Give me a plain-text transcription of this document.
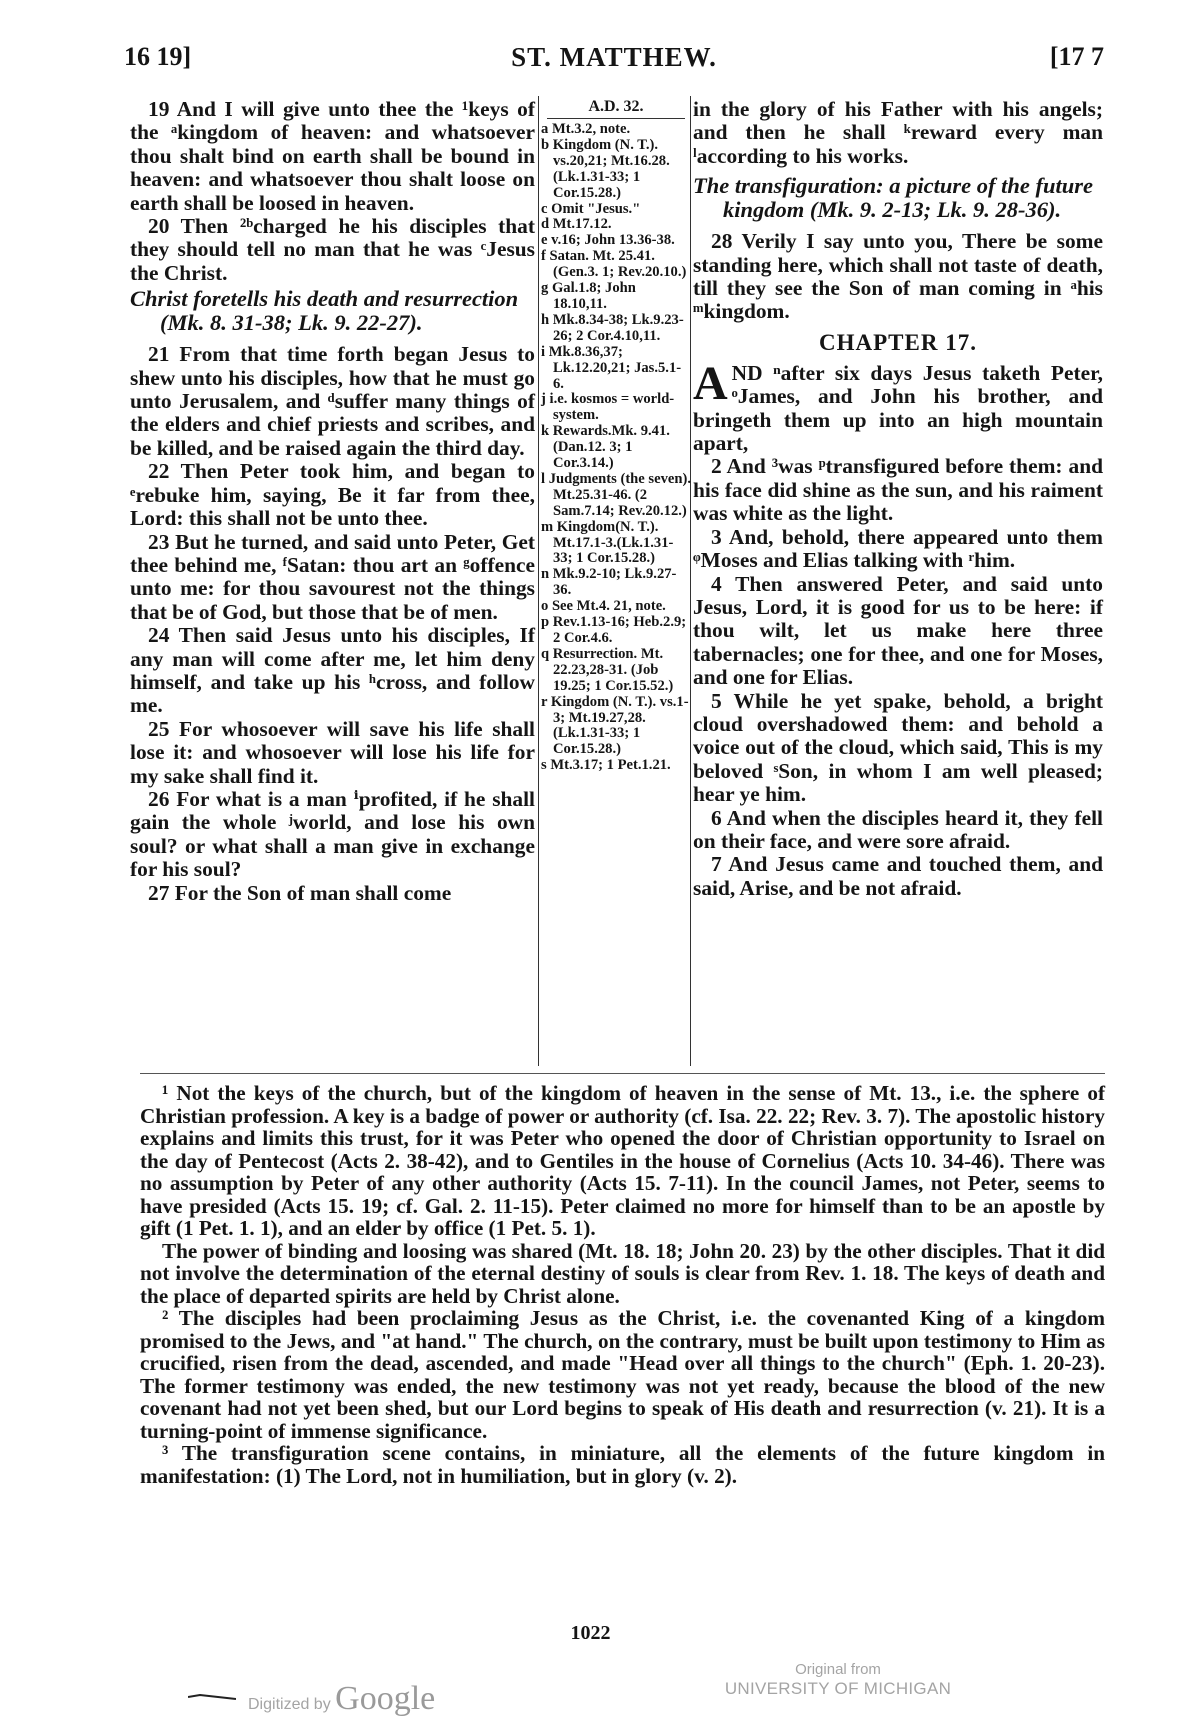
16 19]	ST. MATTHEW.	[17 7

19 And I will give unto thee the ¹keys of the ᵃkingdom of heaven: and whatsoever thou shalt bind on earth shall be bound in heaven: and whatsoever thou shalt loose on earth shall be loosed in heaven.

20 Then ²ᵇcharged he his disciples that they should tell no man that he was ᶜJesus the Christ.

Christ foretells his death and resurrection (Mk. 8. 31-38; Lk. 9. 22-27).

21 From that time forth began Jesus to shew unto his disciples, how that he must go unto Jerusalem, and ᵈsuffer many things of the elders and chief priests and scribes, and be killed, and be raised again the third day.

22 Then Peter took him, and began to ᵉrebuke him, saying, Be it far from thee, Lord: this shall not be unto thee.

23 But he turned, and said unto Peter, Get thee behind me, ᶠSatan: thou art an ᵍoffence unto me: for thou savourest not the things that be of God, but those that be of men.

24 Then said Jesus unto his disciples, If any man will come after me, let him deny himself, and take up his ʰcross, and follow me.

25 For whosoever will save his life shall lose it: and whosoever will lose his life for my sake shall find it.

26 For what is a man ⁱprofited, if he shall gain the whole ʲworld, and lose his own soul? or what shall a man give in exchange for his soul?

27 For the Son of man shall come

A.D. 32.

a Mt.3.2, note.

b Kingdom (N. T.). vs.20,21; Mt.16.28. (Lk.1.31-33; 1 Cor.15.28.)

c Omit "Jesus."

d Mt.17.12.

e v.16; John 13.36-38.

f Satan. Mt. 25.41. (Gen.3. 1; Rev.20.10.)

g Gal.1.8; John 18.10,11.

h Mk.8.34-38; Lk.9.23-26; 2 Cor.4.10,11.

i Mk.8.36,37; Lk.12.20,21; Jas.5.1-6.

j i.e. kosmos = world-system.

k Rewards.Mk. 9.41. (Dan.12. 3; 1 Cor.3.14.)

l Judgments (the seven). Mt.25.31-46. (2 Sam.7.14; Rev.20.12.)

m Kingdom(N. T.). Mt.17.1-3.(Lk.1.31-33; 1 Cor.15.28.)

n Mk.9.2-10; Lk.9.27-36.

o See Mt.4. 21, note.

p Rev.1.13-16; Heb.2.9; 2 Cor.4.6.

q Resurrection. Mt. 22.23,28-31. (Job 19.25; 1 Cor.15.52.)

r Kingdom (N. T.). vs.1-3; Mt.19.27,28. (Lk.1.31-33; 1 Cor.15.28.)

s Mt.3.17; 1 Pet.1.21.

in the glory of his Father with his angels; and then he shall ᵏreward every man ˡaccording to his works.

The transfiguration: a picture of the future kingdom (Mk. 9. 2-13; Lk. 9. 28-36).

28 Verily I say unto you, There be some standing here, which shall not taste of death, till they see the Son of man coming in ᵃhis ᵐkingdom.

CHAPTER 17.

AND ⁿafter six days Jesus taketh Peter, ᵒJames, and John his brother, and bringeth them up into an high mountain apart,

2 And ³was ᵖtransfigured before them: and his face did shine as the sun, and his raiment was white as the light.

3 And, behold, there appeared unto them ᵠMoses and Elias talking with ʳhim.

4 Then answered Peter, and said unto Jesus, Lord, it is good for us to be here: if thou wilt, let us make here three tabernacles; one for thee, and one for Moses, and one for Elias.

5 While he yet spake, behold, a bright cloud overshadowed them: and behold a voice out of the cloud, which said, This is my beloved ˢSon, in whom I am well pleased; hear ye him.

6 And when the disciples heard it, they fell on their face, and were sore afraid.

7 And Jesus came and touched them, and said, Arise, and be not afraid.

¹ Not the keys of the church, but of the kingdom of heaven in the sense of Mt. 13., i.e. the sphere of Christian profession. A key is a badge of power or authority (cf. Isa. 22. 22; Rev. 3. 7). The apostolic history explains and limits this trust, for it was Peter who opened the door of Christian opportunity to Israel on the day of Pentecost (Acts 2. 38-42), and to Gentiles in the house of Cornelius (Acts 10. 34-46). There was no assumption by Peter of any other authority (Acts 15. 7-11). In the council James, not Peter, seems to have presided (Acts 15. 19; cf. Gal. 2. 11-15). Peter claimed no more for himself than to be an apostle by gift (1 Pet. 1. 1), and an elder by office (1 Pet. 5. 1).

The power of binding and loosing was shared (Mt. 18. 18; John 20. 23) by the other disciples. That it did not involve the determination of the eternal destiny of souls is clear from Rev. 1. 18. The keys of death and the place of departed spirits are held by Christ alone.

² The disciples had been proclaiming Jesus as the Christ, i.e. the covenanted King of a kingdom promised to the Jews, and "at hand." The church, on the contrary, must be built upon testimony to Him as crucified, risen from the dead, ascended, and made "Head over all things to the church" (Eph. 1. 20-23). The former testimony was ended, the new testimony was not yet ready, because the blood of the new covenant had not yet been shed, but our Lord begins to speak of His death and resurrection (v. 21). It is a turning-point of immense significance.

³ The transfiguration scene contains, in miniature, all the elements of the future kingdom in manifestation: (1) The Lord, not in humiliation, but in glory (v. 2).

1022
Digitized by Google
Original from
UNIVERSITY OF MICHIGAN
